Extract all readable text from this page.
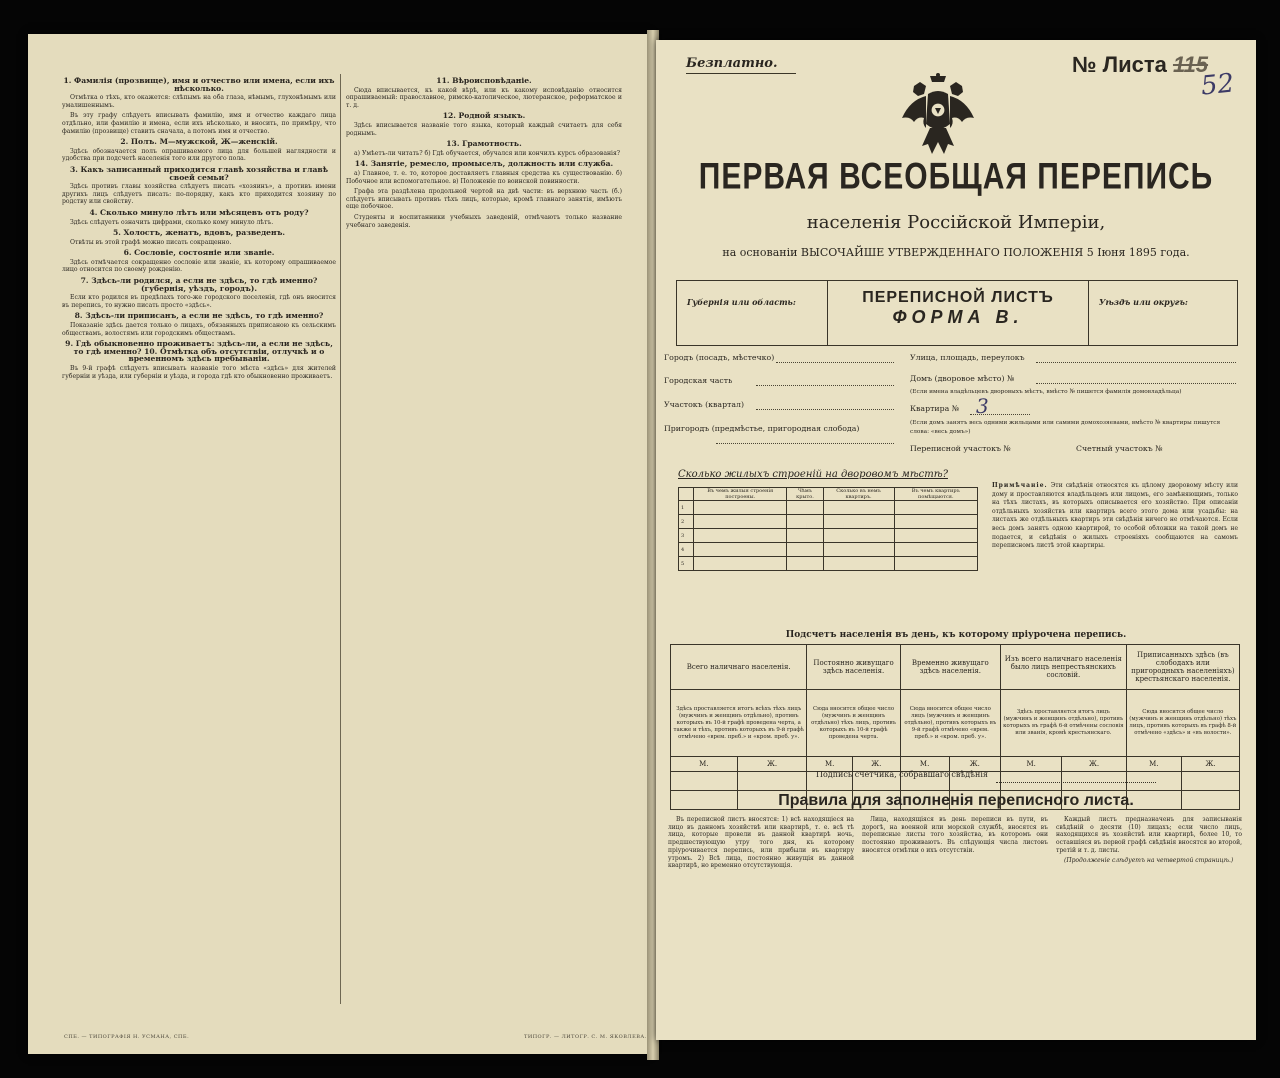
1. Фамилія (прозвище), имя и отчество или имена, если ихъ нѣсколько.

Отмѣтка о тѣхъ, кто окажется: слѣпымъ на оба глаза, нѣмымъ, глухонѣмымъ или умалишеннымъ.

Въ эту графу слѣдуетъ вписывать фамилію, имя и отчество каждаго лица отдѣльно, или фамилію и имена, если ихъ нѣсколько, и вносить, по примѣру, что фамилію (прозвище) ставить сначала, а потомъ имя и отчество.

2. Полъ. М—мужской, Ж—женскій.

Здѣсь обозначается полъ опрашиваемого лица для большей наглядности и удобства при подсчетѣ населенія того или другого пола.

3. Какъ записанный приходится главѣ хозяйства и главѣ своей семьи?

Здѣсь противъ главы хозяйства слѣдуетъ писать «хозяинъ», а противъ имени другихъ лицъ слѣдуетъ писать: по-порядку, какъ кто приходится хозяину по родству или свойству.

4. Сколько минуло лѣтъ или мѣсяцевъ отъ роду?

Здѣсь слѣдуетъ означить цифрами, сколько кому минуло лѣтъ.

5. Холостъ, женатъ, вдовъ, разведенъ.

Отвѣты въ этой графѣ можно писать сокращенно.

6. Сословіе, состояніе или званіе.

Здѣсь отмѣчается сокращенно сословіе или званіе, къ которому опрашиваемое лицо относится по своему рожденію.

7. Здѣсь-ли родился, а если не здѣсь, то гдѣ именно? (губернія, уѣздъ, городъ).

Если кто родился въ предѣлахъ того-же городского поселенія, гдѣ онъ вносится въ перепись, то нужно писать просто «здѣсь».

8. Здѣсь-ли приписанъ, а если не здѣсь, то гдѣ именно?

Показаніе здѣсь дается только о лицахъ, обязанныхъ приписаною къ сельскимъ обществамъ, волостямъ или городскимъ обществамъ.

9. Гдѣ обыкновенно проживаетъ: здѣсь-ли, а если не здѣсь, то гдѣ именно? 10. Отмѣтка объ отсутствіи, отлучкѣ и о временномъ здѣсь пребываніи.

Въ 9-й графѣ слѣдуетъ вписывать названіе того мѣста «здѣсь» для жителей губерніи и уѣзда, или губерніи и уѣзда, и города гдѣ кто обыкновенно проживаетъ.

11. Вѣроисповѣданіе.

Сюда вписывается, къ какой вѣрѣ, или къ какому исповѣданію относится опрашиваемый: православное, римско-католическое, лютеранское, реформатское и т. д.

12. Родной языкъ.

Здѣсь вписывается названіе того языка, который каждый считаетъ для себя роднымъ.

13. Грамотность.

а) Умѣетъ-ли читать? б) Гдѣ обучается, обучался или кончилъ курсъ образованія?

14. Занятіе, ремесло, промыселъ, должность или служба.

а) Главное, т. е. то, которое доставляетъ главныя средства къ существованію. б) Побочное или вспомогательное. в) Положеніе по воинской повинности.

Графа эта раздѣлена продольной чертой на двѣ части: въ верхнюю часть (б.) слѣдуетъ вписывать противъ тѣхъ лицъ, которые, кромѣ главнаго занятія, имѣютъ еще побочное.

Студенты и воспитанники учебныхъ заведеній, отмѣчаютъ только название учебнаго заведенія.

СПБ. — ТИПОГРАФІЯ Н. УСМАНА, СПБ.	ТИПОГР. — ЛИТОГР. С. М. ЯКОВЛЕВА.
Безплатно.	№ Листа 115
52
ПЕРВАЯ ВСЕОБЩАЯ ПЕРЕПИСЬ
населенія Россійской Имперіи,
на основаніи ВЫСОЧАЙШЕ УТВЕРЖДЕННАГО ПОЛОЖЕНІЯ 5 Іюня 1895 года.
Губернія или область:	ПЕРЕПИСНОЙ ЛИСТЪ
ФОРМА В.
Уѣздъ или округъ:
Городъ (посадъ, мѣстечко)
Городская часть
Участокъ (квартал)
Пригородъ (предмѣстье, пригородная слобода)
Улица, площадь, переулокъ
Домъ (дворовое мѣсто) №
(Если имена владѣльцевъ дворовыхъ мѣстъ, вмѣсто № пишется фамилія домовладѣльца)
Квартира № 3
(Если домъ занятъ весь одними жильцами или самими домохозяевами, вмѣсто № квартиры пишутся слова: «весь домъ»)
Переписной участокъ №	Счетный участокъ №
Сколько жилыхъ строеній на дворовомъ мѣстѣ?
	Въ чемъ жилыя строенія построены.	Чѣмъ крыто.	Сколько въ немъ квартиръ.	Въ чемъ квартиръ помѣщаются.
1				
2				
3				
4				
5				
Примѣчаніе. Эти свѣдѣнія относятся къ цѣлому дворовому мѣсту или дому и проставляются владѣльцемъ или лицомъ, его замѣняющимъ, только на тѣхъ листахъ, въ которыхъ описывается его хозяйство. При описаніи отдѣльныхъ хозяйствъ или квартиръ всего этого дома или усадьбы: на листахъ же отдѣльныхъ квартиръ эти свѣдѣнія ничего не отмѣчаются. Если весь домъ занятъ одною квартирой, то особой обложки на такой домъ не подается, и свѣдѣнія о жилыхъ строеніяхъ сообщаются на самомъ переписномъ листѣ этой квартиры.
Подсчетъ населенія въ день, къ которому пріурочена перепись.
Всего наличнаго населенія.		Постоянно живущаго здѣсь населенія.		Временно живущаго здѣсь населенія.		Изъ всего наличнаго населенія было лицъ непрестьянскихъ сословій.		Приписанныхъ здѣсь (въ слободахъ или пригородныхъ населеніяхъ) крестьянскаго населенія.	
Здѣсь проставляется итогъ всѣхъ тѣхъ лицъ (мужчинъ и женщинъ отдѣльно), противъ которыхъ въ 10-й графѣ проведена черта, а также и тѣхъ, противъ которыхъ въ 9-й графѣ отмѣчено «врем. преб.» и «кром. преб. у».		Сюда вносится общее число (мужчинъ и женщинъ отдѣльно) тѣхъ лицъ, противъ которыхъ въ 10-й графѣ проведена черта.		Сюда вносится общее число лицъ (мужчинъ и женщинъ отдѣльно), противъ которыхъ въ 9-й графѣ отмѣчено «врем. преб.» и «кром. преб. у».		Здѣсь проставляется итогъ лицъ (мужчинъ и женщинъ отдѣльно), противъ которыхъ въ графѣ 6-й отмѣчены сословія или званія, кромѣ крестьянскаго.		Сюда вносится общее число (мужчинъ и женщинъ отдѣльно) тѣхъ лицъ, противъ которыхъ въ графѣ 8-й отмѣчено «здѣсь» и «въ волости».	
М.	Ж.	М.	Ж.	М.	Ж.	М.	Ж.	М.	Ж.

Подпись счетчика, собравшаго свѣдѣнія
Правила для заполненія переписного листа.

Въ переписной листъ вносятся: 1) всѣ находящіеся на лицо въ данномъ хозяйствѣ или квартирѣ, т. е. всѣ тѣ лица, которые провели въ данной квартирѣ ночь, предшествующую утру того дня, къ которому пріурочивается перепись, или прибыли въ квартиру утромъ. 2) Всѣ лица, постоянно живущія въ данной квартирѣ, но временно отсутствующія.

Лица, находящіяся въ день переписи въ пути, въ дорогѣ, на военной или морской службѣ, вносятся въ переписные листы того хозяйства, въ которомъ они постоянно проживаютъ. Въ слѣдующія числа листовъ вносятся отмѣтки о ихъ отсутствіи.

Каждый листъ предназначенъ для записыванія свѣдѣній о десяти (10) лицахъ; если число лицъ, находящихся въ хозяйствѣ или квартирѣ, более 10, то оставшіяся въ первой графѣ свѣдѣнія вносятся во второй, третій и т. д. листы.

(Продолженіе слѣдуетъ на четвертой страницѣ.)
